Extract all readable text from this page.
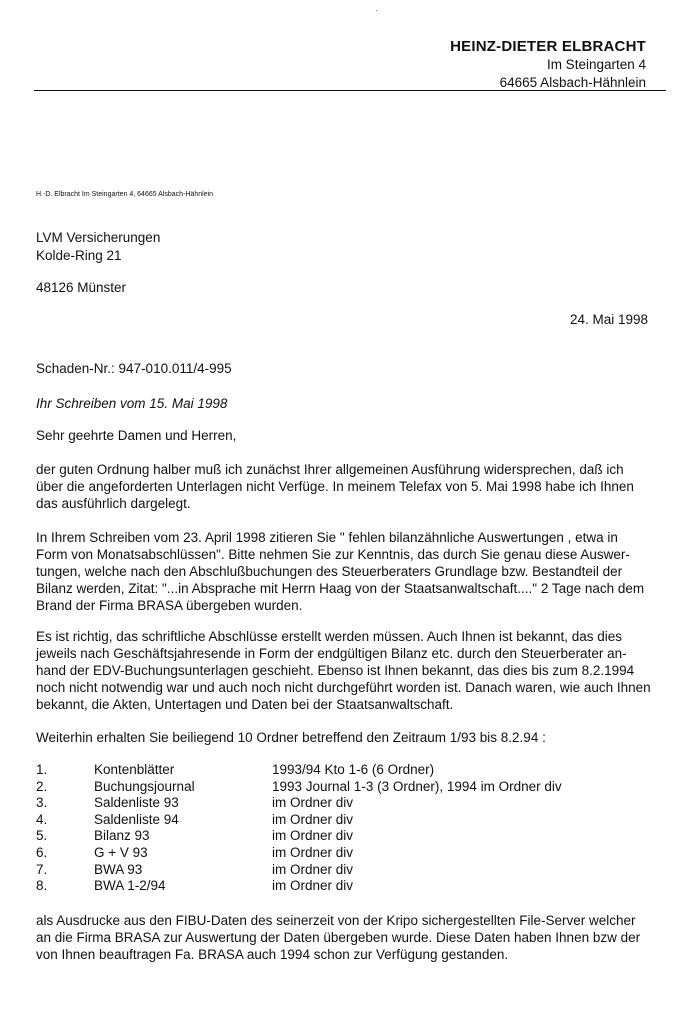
HEINZ-DIETER ELBRACHT
Im Steingarten 4
64665 Alsbach-Hähnlein
H.-D. Elbracht Im Steingarten 4, 64665 Alsbach-Hähnlein
LVM Versicherungen
Kolde-Ring 21
48126 Münster
24. Mai 1998
Schaden-Nr.: 947-010.011/4-995
Ihr Schreiben vom 15. Mai 1998
Sehr geehrte Damen und Herren,
der guten Ordnung halber muß ich zunächst Ihrer allgemeinen Ausführung widersprechen, daß ich
über die angeforderten Unterlagen nicht Verfüge. In meinem Telefax von 5. Mai 1998 habe ich Ihnen
das ausführlich dargelegt.
In Ihrem Schreiben vom 23. April 1998 zitieren Sie " fehlen bilanzähnliche Auswertungen , etwa in
Form von Monatsabschlüssen". Bitte nehmen Sie zur Kenntnis, das durch Sie genau diese Auswer-
tungen, welche nach den Abschlußbuchungen des Steuerberaters Grundlage bzw. Bestandteil der
Bilanz werden, Zitat: "...in Absprache mit Herrn Haag von der Staatsanwaltschaft...." 2 Tage nach dem
Brand der Firma BRASA übergeben wurden.
Es ist richtig, das schriftliche Abschlüsse erstellt werden müssen. Auch Ihnen ist bekannt, das dies
jeweils nach Geschäftsjahresende in Form der endgültigen Bilanz etc. durch den Steuerberater an-
hand der EDV-Buchungsunterlagen geschieht. Ebenso ist Ihnen bekannt, das dies bis zum 8.2.1994
noch nicht notwendig war und auch noch nicht durchgeführt worden ist. Danach waren, wie auch Ihnen
bekannt, die Akten, Untertagen und Daten bei der Staatsanwaltschaft.
Weiterhin erhalten Sie beiliegend 10 Ordner betreffend den Zeitraum 1/93 bis 8.2.94 :
1.	Kontenblätter	1993/94 Kto 1-6 (6 Ordner)
2.	Buchungsjournal	1993 Journal 1-3 (3 Ordner), 1994 im Ordner div
3.	Saldenliste 93	im Ordner div
4.	Saldenliste 94	im Ordner div
5.	Bilanz 93	im Ordner div
6.	G + V 93	im Ordner div
7.	BWA 93	im Ordner div
8.	BWA 1-2/94	im Ordner div
als Ausdrucke aus den FIBU-Daten des seinerzeit von der Kripo sichergestellten File-Server welcher
an die Firma BRASA zur Auswertung der Daten übergeben wurde. Diese Daten haben Ihnen bzw der
von Ihnen beauftragen Fa. BRASA auch 1994 schon zur Verfügung gestanden.
